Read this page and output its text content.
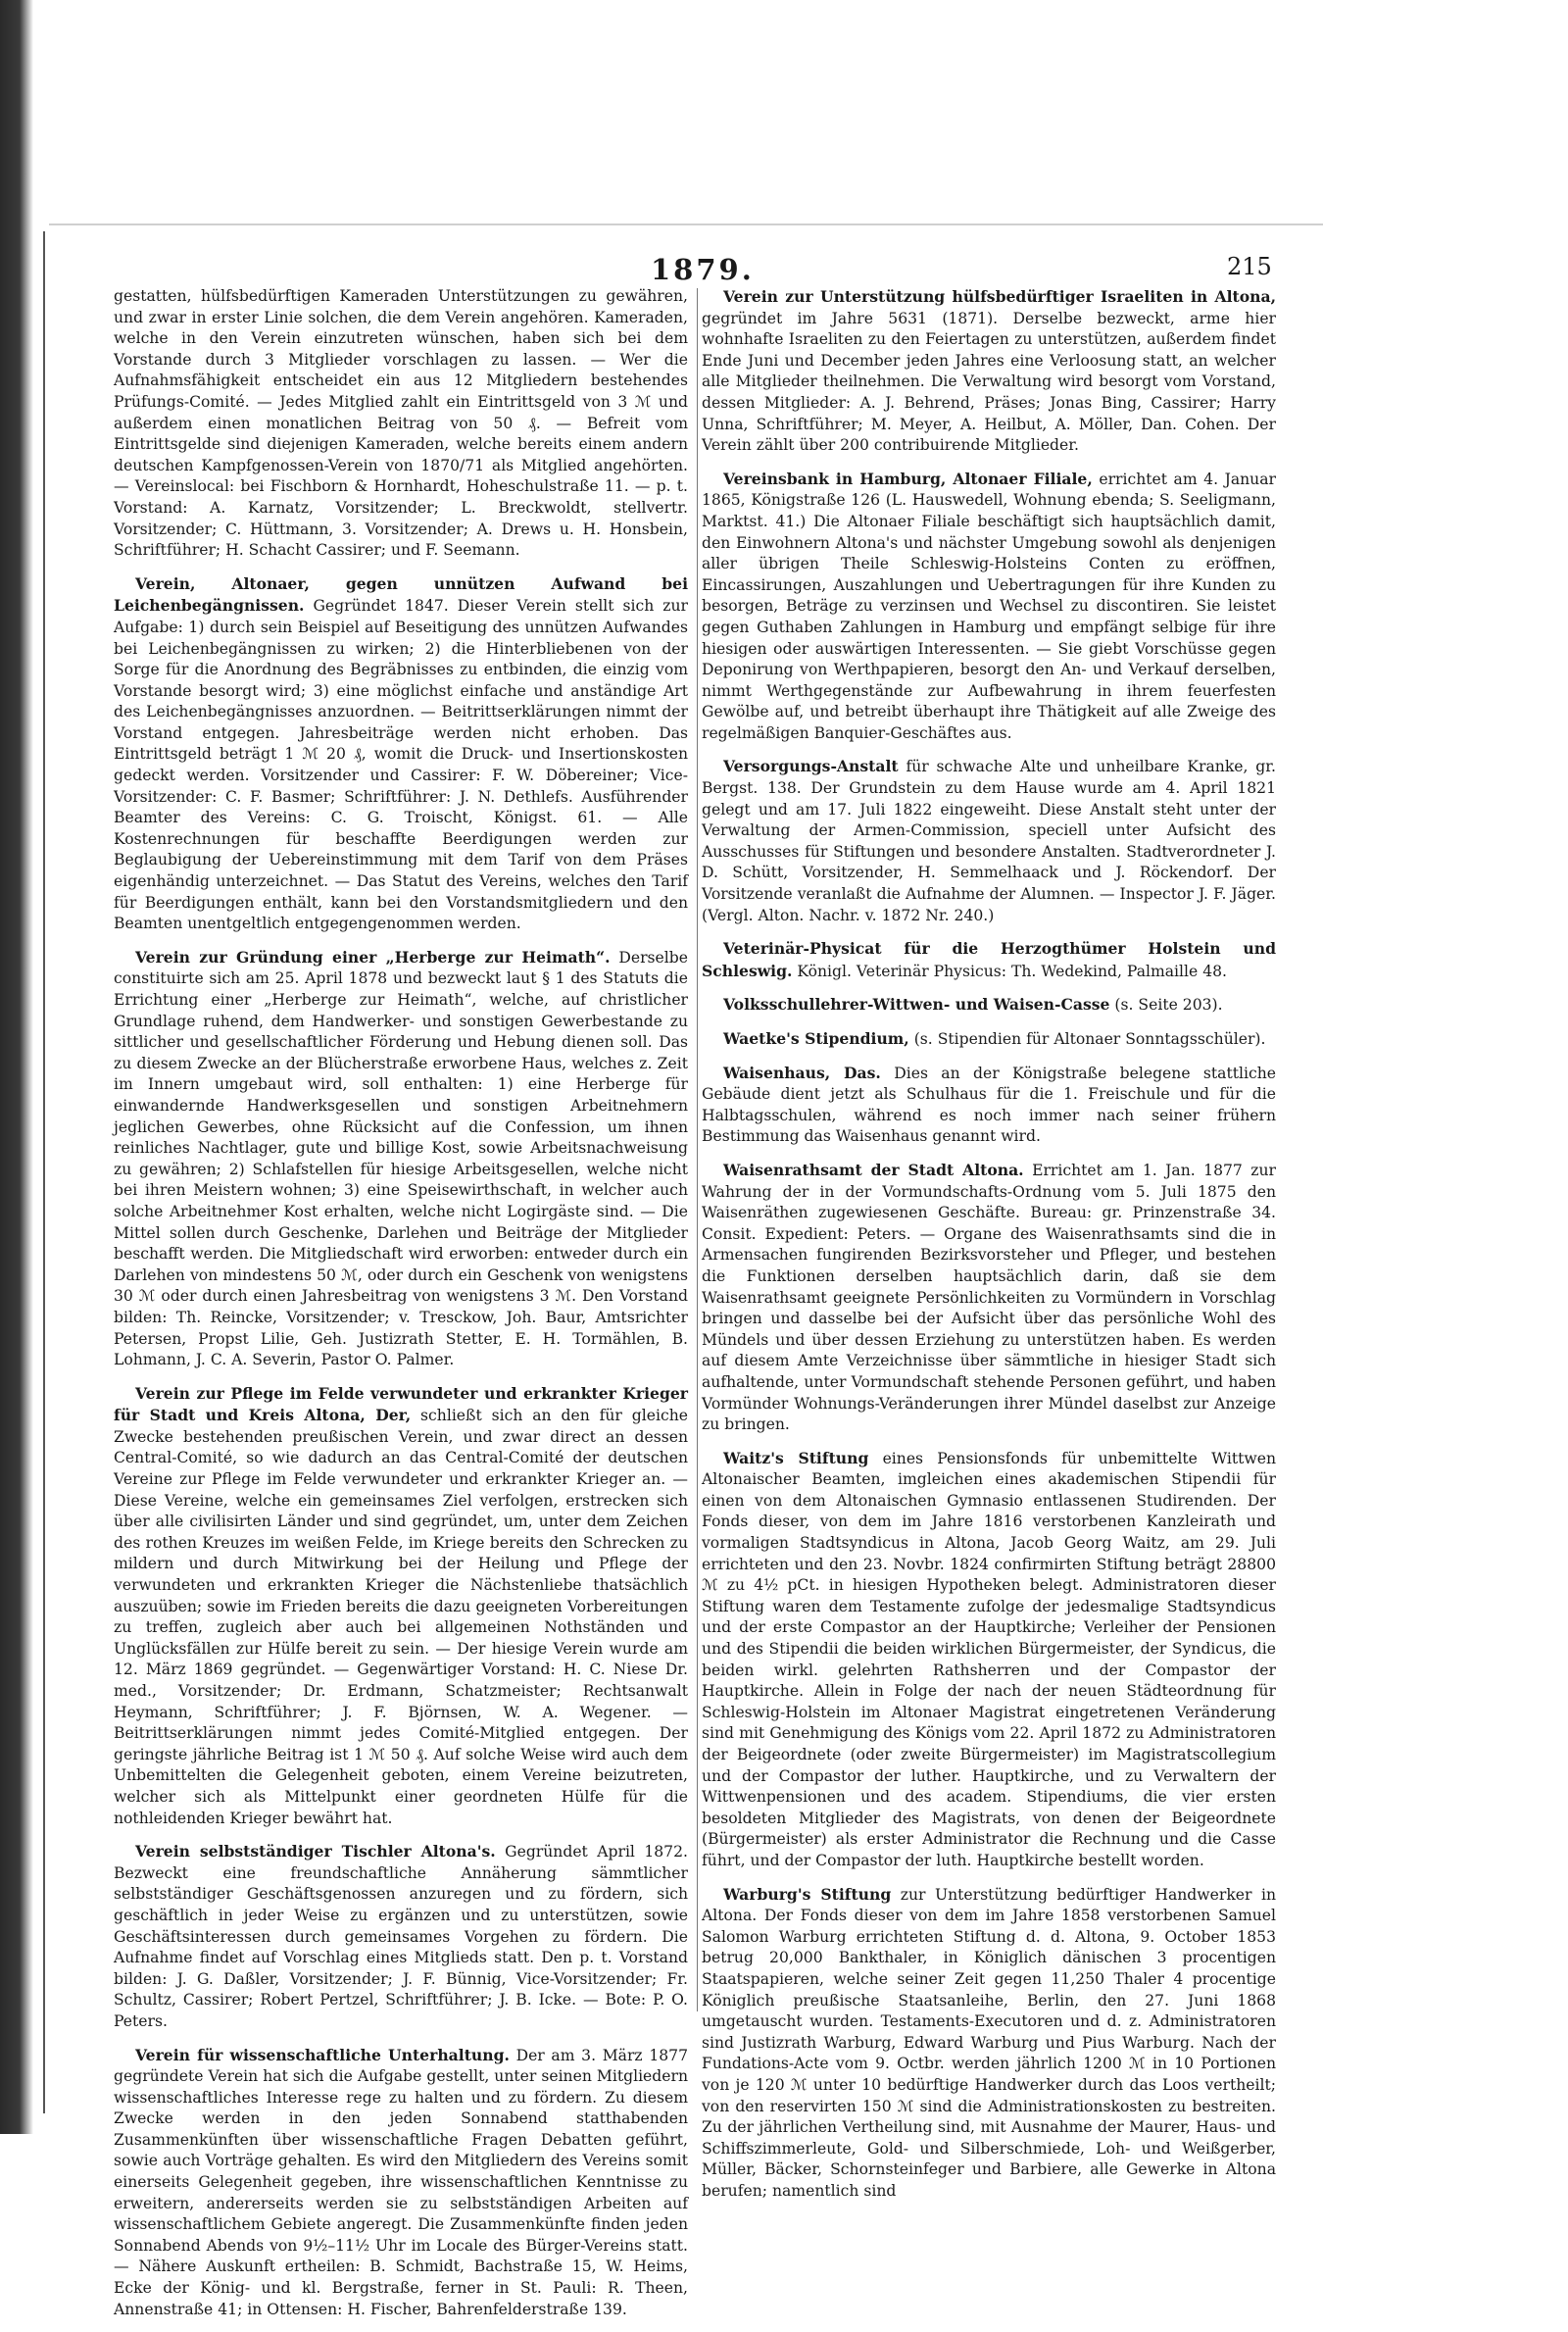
1879.	215

gestatten, hülfsbedürftigen Kameraden Unterstützungen zu gewähren, und zwar in erster Linie solchen, die dem Verein angehören. Kameraden, welche in den Verein einzutreten wünschen, haben sich bei dem Vorstande durch 3 Mitglieder vorschlagen zu lassen. — Wer die Aufnahmsfähigkeit entscheidet ein aus 12 Mitgliedern bestehendes Prüfungs-Comité. — Jedes Mitglied zahlt ein Eintrittsgeld von 3 ℳ und außerdem einen monatlichen Beitrag von 50 ₰. — Befreit vom Eintrittsgelde sind diejenigen Kameraden, welche bereits einem andern deutschen Kampfgenossen-Verein von 1870/71 als Mitglied angehörten. — Vereinslocal: bei Fischborn & Hornhardt, Hoheschulstraße 11. — p. t. Vorstand: A. Karnatz, Vorsitzender; L. Breckwoldt, stellvertr. Vorsitzender; C. Hüttmann, 3. Vorsitzender; A. Drews u. H. Honsbein, Schriftführer; H. Schacht Cassirer; und F. Seemann.

Verein, Altonaer, gegen unnützen Aufwand bei Leichenbegängnissen. Gegründet 1847. Dieser Verein stellt sich zur Aufgabe: 1) durch sein Beispiel auf Beseitigung des unnützen Aufwandes bei Leichenbegängnissen zu wirken; 2) die Hinterbliebenen von der Sorge für die Anordnung des Begräbnisses zu entbinden, die einzig vom Vorstande besorgt wird; 3) eine möglichst einfache und anständige Art des Leichenbegängnisses anzuordnen. — Beitrittserklärungen nimmt der Vorstand entgegen. Jahresbeiträge werden nicht erhoben. Das Eintrittsgeld beträgt 1 ℳ 20 ₰, womit die Druck- und Insertionskosten gedeckt werden. Vorsitzender und Cassirer: F. W. Döbereiner; Vice-Vorsitzender: C. F. Basmer; Schriftführer: J. N. Dethlefs. Ausführender Beamter des Vereins: C. G. Troischt, Königst. 61. — Alle Kostenrechnungen für beschaffte Beerdigungen werden zur Beglaubigung der Uebereinstimmung mit dem Tarif von dem Präses eigenhändig unterzeichnet. — Das Statut des Vereins, welches den Tarif für Beerdigungen enthält, kann bei den Vorstandsmitgliedern und den Beamten unentgeltlich entgegengenommen werden.

Verein zur Gründung einer „Herberge zur Heimath“. Derselbe constituirte sich am 25. April 1878 und bezweckt laut § 1 des Statuts die Errichtung einer „Herberge zur Heimath“, welche, auf christlicher Grundlage ruhend, dem Handwerker- und sonstigen Gewerbestande zu sittlicher und gesellschaftlicher Förderung und Hebung dienen soll. Das zu diesem Zwecke an der Blücherstraße erworbene Haus, welches z. Zeit im Innern umgebaut wird, soll enthalten: 1) eine Herberge für einwandernde Handwerksgesellen und sonstigen Arbeitnehmern jeglichen Gewerbes, ohne Rücksicht auf die Confession, um ihnen reinliches Nachtlager, gute und billige Kost, sowie Arbeitsnachweisung zu gewähren; 2) Schlafstellen für hiesige Arbeitsgesellen, welche nicht bei ihren Meistern wohnen; 3) eine Speisewirthschaft, in welcher auch solche Arbeitnehmer Kost erhalten, welche nicht Logirgäste sind. — Die Mittel sollen durch Geschenke, Darlehen und Beiträge der Mitglieder beschafft werden. Die Mitgliedschaft wird erworben: entweder durch ein Darlehen von mindestens 50 ℳ, oder durch ein Geschenk von wenigstens 30 ℳ oder durch einen Jahresbeitrag von wenigstens 3 ℳ. Den Vorstand bilden: Th. Reincke, Vorsitzender; v. Tresckow, Joh. Baur, Amtsrichter Petersen, Propst Lilie, Geh. Justizrath Stetter, E. H. Tormählen, B. Lohmann, J. C. A. Severin, Pastor O. Palmer.

Verein zur Pflege im Felde verwundeter und erkrankter Krieger für Stadt und Kreis Altona, Der, schließt sich an den für gleiche Zwecke bestehenden preußischen Verein, und zwar direct an dessen Central-Comité, so wie dadurch an das Central-Comité der deutschen Vereine zur Pflege im Felde verwundeter und erkrankter Krieger an. — Diese Vereine, welche ein gemeinsames Ziel verfolgen, erstrecken sich über alle civilisirten Länder und sind gegründet, um, unter dem Zeichen des rothen Kreuzes im weißen Felde, im Kriege bereits den Schrecken zu mildern und durch Mitwirkung bei der Heilung und Pflege der verwundeten und erkrankten Krieger die Nächstenliebe thatsächlich auszuüben; sowie im Frieden bereits die dazu geeigneten Vorbereitungen zu treffen, zugleich aber auch bei allgemeinen Nothständen und Unglücksfällen zur Hülfe bereit zu sein. — Der hiesige Verein wurde am 12. März 1869 gegründet. — Gegenwärtiger Vorstand: H. C. Niese Dr. med., Vorsitzender; Dr. Erdmann, Schatzmeister; Rechtsanwalt Heymann, Schriftführer; J. F. Björnsen, W. A. Wegener. — Beitrittserklärungen nimmt jedes Comité-Mitglied entgegen. Der geringste jährliche Beitrag ist 1 ℳ 50 ₰. Auf solche Weise wird auch dem Unbemittelten die Gelegenheit geboten, einem Vereine beizutreten, welcher sich als Mittelpunkt einer geordneten Hülfe für die nothleidenden Krieger bewährt hat.

Verein selbstständiger Tischler Altona's. Gegründet April 1872. Bezweckt eine freundschaftliche Annäherung sämmtlicher selbstständiger Geschäftsgenossen anzuregen und zu fördern, sich geschäftlich in jeder Weise zu ergänzen und zu unterstützen, sowie Geschäftsinteressen durch gemeinsames Vorgehen zu fördern. Die Aufnahme findet auf Vorschlag eines Mitglieds statt. Den p. t. Vorstand bilden: J. G. Daßler, Vorsitzender; J. F. Bünnig, Vice-Vorsitzender; Fr. Schultz, Cassirer; Robert Pertzel, Schriftführer; J. B. Icke. — Bote: P. O. Peters.

Verein für wissenschaftliche Unterhaltung. Der am 3. März 1877 gegründete Verein hat sich die Aufgabe gestellt, unter seinen Mitgliedern wissenschaftliches Interesse rege zu halten und zu fördern. Zu diesem Zwecke werden in den jeden Sonnabend statthabenden Zusammenkünften über wissenschaftliche Fragen Debatten geführt, sowie auch Vorträge gehalten. Es wird den Mitgliedern des Vereins somit einerseits Gelegenheit gegeben, ihre wissenschaftlichen Kenntnisse zu erweitern, andererseits werden sie zu selbstständigen Arbeiten auf wissenschaftlichem Gebiete angeregt. Die Zusammenkünfte finden jeden Sonnabend Abends von 9½–11½ Uhr im Locale des Bürger-Vereins statt. — Nähere Auskunft ertheilen: B. Schmidt, Bachstraße 15, W. Heims, Ecke der König- und kl. Bergstraße, ferner in St. Pauli: R. Theen, Annenstraße 41; in Ottensen: H. Fischer, Bahrenfelderstraße 139.

Verein zur Unterstützung hülfsbedürftiger Israeliten in Altona, gegründet im Jahre 5631 (1871). Derselbe bezweckt, arme hier wohnhafte Israeliten zu den Feiertagen zu unterstützen, außerdem findet Ende Juni und December jeden Jahres eine Verloosung statt, an welcher alle Mitglieder theilnehmen. Die Verwaltung wird besorgt vom Vorstand, dessen Mitglieder: A. J. Behrend, Präses; Jonas Bing, Cassirer; Harry Unna, Schriftführer; M. Meyer, A. Heilbut, A. Möller, Dan. Cohen. Der Verein zählt über 200 contribuirende Mitglieder.

Vereinsbank in Hamburg, Altonaer Filiale, errichtet am 4. Januar 1865, Königstraße 126 (L. Hauswedell, Wohnung ebenda; S. Seeligmann, Marktst. 41.) Die Altonaer Filiale beschäftigt sich hauptsächlich damit, den Einwohnern Altona's und nächster Umgebung sowohl als denjenigen aller übrigen Theile Schleswig-Holsteins Conten zu eröffnen, Eincassirungen, Auszahlungen und Uebertragungen für ihre Kunden zu besorgen, Beträge zu verzinsen und Wechsel zu discontiren. Sie leistet gegen Guthaben Zahlungen in Hamburg und empfängt selbige für ihre hiesigen oder auswärtigen Interessenten. — Sie giebt Vorschüsse gegen Deponirung von Werthpapieren, besorgt den An- und Verkauf derselben, nimmt Werthgegenstände zur Aufbewahrung in ihrem feuerfesten Gewölbe auf, und betreibt überhaupt ihre Thätigkeit auf alle Zweige des regelmäßigen Banquier-Geschäftes aus.

Versorgungs-Anstalt für schwache Alte und unheilbare Kranke, gr. Bergst. 138. Der Grundstein zu dem Hause wurde am 4. April 1821 gelegt und am 17. Juli 1822 eingeweiht. Diese Anstalt steht unter der Verwaltung der Armen-Commission, speciell unter Aufsicht des Ausschusses für Stiftungen und besondere Anstalten. Stadtverordneter J. D. Schütt, Vorsitzender, H. Semmelhaack und J. Röckendorf. Der Vorsitzende veranlaßt die Aufnahme der Alumnen. — Inspector J. F. Jäger. (Vergl. Alton. Nachr. v. 1872 Nr. 240.)

Veterinär-Physicat für die Herzogthümer Holstein und Schleswig. Königl. Veterinär Physicus: Th. Wedekind, Palmaille 48.

Volksschullehrer-Wittwen- und Waisen-Casse (s. Seite 203).

Waetke's Stipendium, (s. Stipendien für Altonaer Sonntagsschüler).

Waisenhaus, Das. Dies an der Königstraße belegene stattliche Gebäude dient jetzt als Schulhaus für die 1. Freischule und für die Halbtagsschulen, während es noch immer nach seiner frühern Bestimmung das Waisenhaus genannt wird.

Waisenrathsamt der Stadt Altona. Errichtet am 1. Jan. 1877 zur Wahrung der in der Vormundschafts-Ordnung vom 5. Juli 1875 den Waisenräthen zugewiesenen Geschäfte. Bureau: gr. Prinzenstraße 34. Consit. Expedient: Peters. — Organe des Waisenrathsamts sind die in Armensachen fungirenden Bezirksvorsteher und Pfleger, und bestehen die Funktionen derselben hauptsächlich darin, daß sie dem Waisenrathsamt geeignete Persönlichkeiten zu Vormündern in Vorschlag bringen und dasselbe bei der Aufsicht über das persönliche Wohl des Mündels und über dessen Erziehung zu unterstützen haben. Es werden auf diesem Amte Verzeichnisse über sämmtliche in hiesiger Stadt sich aufhaltende, unter Vormundschaft stehende Personen geführt, und haben Vormünder Wohnungs-Veränderungen ihrer Mündel daselbst zur Anzeige zu bringen.

Waitz's Stiftung eines Pensionsfonds für unbemittelte Wittwen Altonaischer Beamten, imgleichen eines akademischen Stipendii für einen von dem Altonaischen Gymnasio entlassenen Studirenden. Der Fonds dieser, von dem im Jahre 1816 verstorbenen Kanzleirath und vormaligen Stadtsyndicus in Altona, Jacob Georg Waitz, am 29. Juli errichteten und den 23. Novbr. 1824 confirmirten Stiftung beträgt 28800 ℳ zu 4½ pCt. in hiesigen Hypotheken belegt. Administratoren dieser Stiftung waren dem Testamente zufolge der jedesmalige Stadtsyndicus und der erste Compastor an der Hauptkirche; Verleiher der Pensionen und des Stipendii die beiden wirklichen Bürgermeister, der Syndicus, die beiden wirkl. gelehrten Rathsherren und der Compastor der Hauptkirche. Allein in Folge der nach der neuen Städteordnung für Schleswig-Holstein im Altonaer Magistrat eingetretenen Veränderung sind mit Genehmigung des Königs vom 22. April 1872 zu Administratoren der Beigeordnete (oder zweite Bürgermeister) im Magistratscollegium und der Compastor der luther. Hauptkirche, und zu Verwaltern der Wittwenpensionen und des academ. Stipendiums, die vier ersten besoldeten Mitglieder des Magistrats, von denen der Beigeordnete (Bürgermeister) als erster Administrator die Rechnung und die Casse führt, und der Compastor der luth. Hauptkirche bestellt worden.

Warburg's Stiftung zur Unterstützung bedürftiger Handwerker in Altona. Der Fonds dieser von dem im Jahre 1858 verstorbenen Samuel Salomon Warburg errichteten Stiftung d. d. Altona, 9. October 1853 betrug 20,000 Bankthaler, in Königlich dänischen 3 procentigen Staatspapieren, welche seiner Zeit gegen 11,250 Thaler 4 procentige Königlich preußische Staatsanleihe, Berlin, den 27. Juni 1868 umgetauscht wurden. Testaments-Executoren und d. z. Administratoren sind Justizrath Warburg, Edward Warburg und Pius Warburg. Nach der Fundations-Acte vom 9. Octbr. werden jährlich 1200 ℳ in 10 Portionen von je 120 ℳ unter 10 bedürftige Handwerker durch das Loos vertheilt; von den reservirten 150 ℳ sind die Administrationskosten zu bestreiten. Zu der jährlichen Vertheilung sind, mit Ausnahme der Maurer, Haus- und Schiffszimmerleute, Gold- und Silberschmiede, Loh- und Weißgerber, Müller, Bäcker, Schornsteinfeger und Barbiere, alle Gewerke in Altona berufen; namentlich sind
